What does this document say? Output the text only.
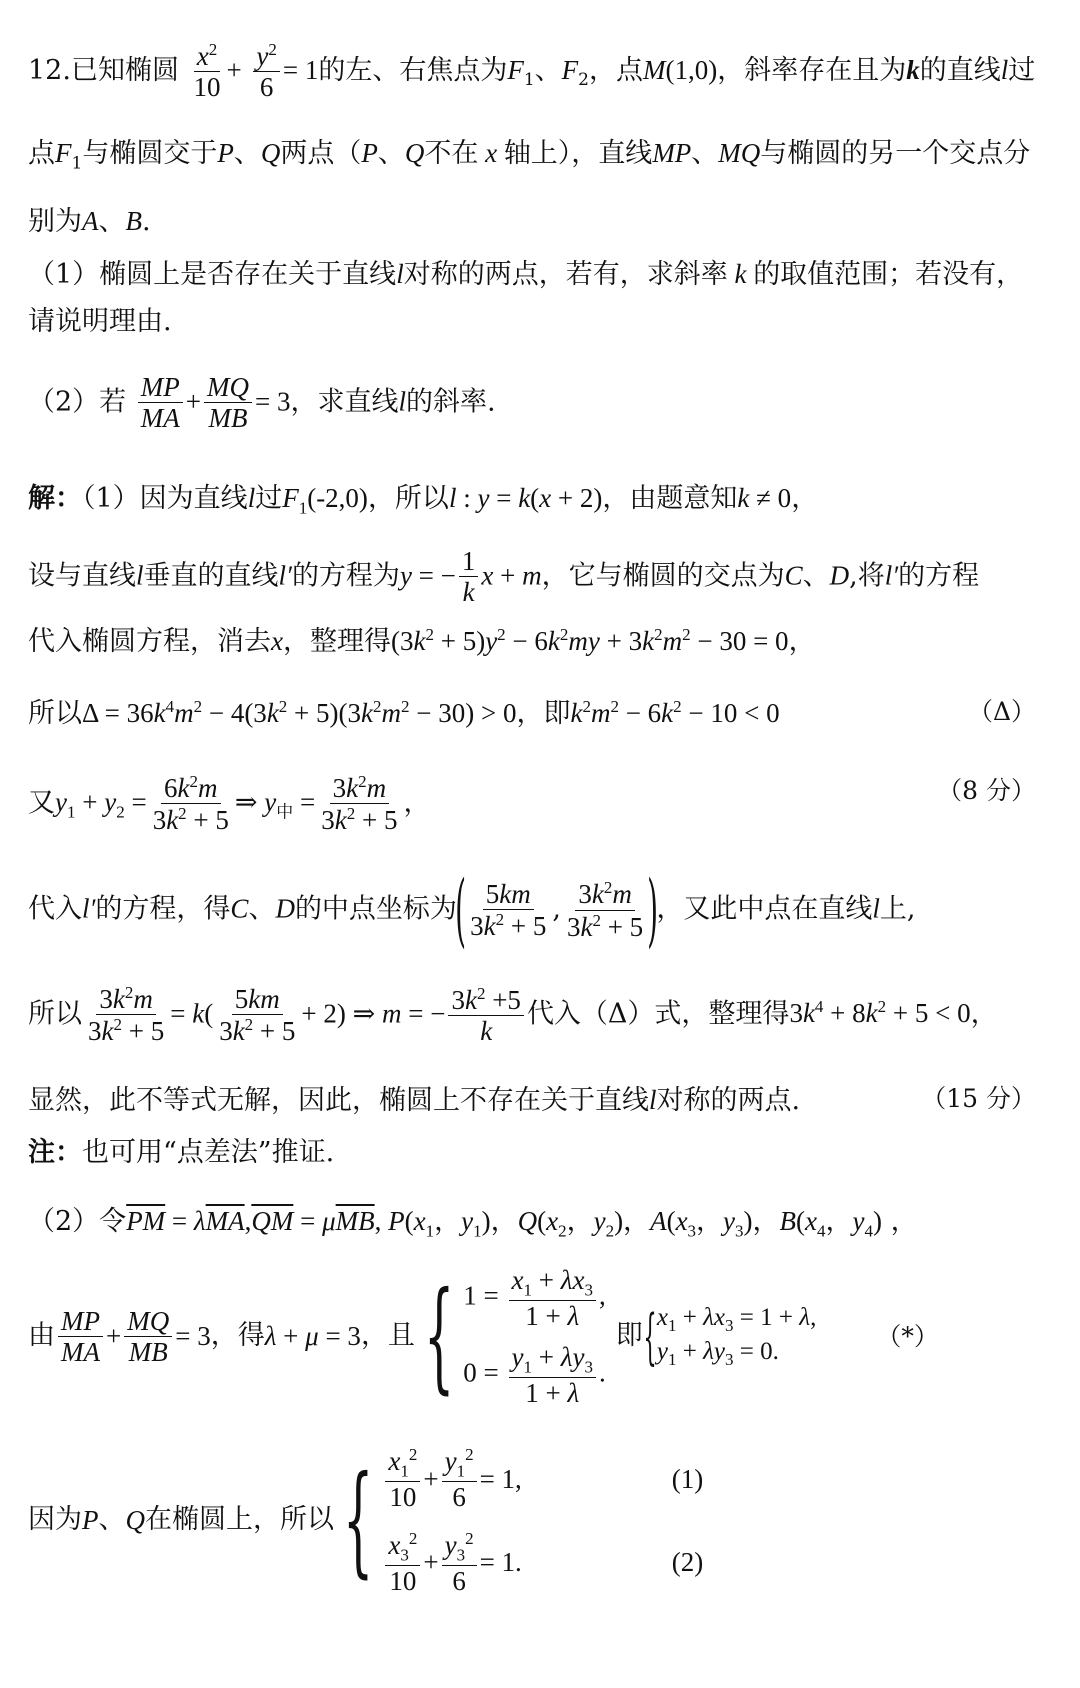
12.已知椭圆 $\frac{x^2}{10} + \frac{y^2}{6} = 1$的左、右焦点为$F_1$、$F_2$，点M(1,0)，斜率存在且为k的直线l过
点$F_1$与椭圆交于P、Q两点（P、Q不在 x 轴上），直线MP、MQ与椭圆的另一个交点分
别为A、B.
（1）椭圆上是否存在关于直线l对称的两点，若有，求斜率 k 的取值范围；若没有，
请说明理由.
（2）若 $\frac{MP}{MA} + \frac{MQ}{MB} = 3$，求直线l的斜率.
解：（1）因为直线l过$F_1(-2,0)$，所以l : y = k(x + 2)，由题意知k ≠ 0，
设与直线l垂直的直线l′的方程为y = − $\frac{1}{k}$ x + m，它与椭圆的交点为C、D,将l′的方程
代入椭圆方程，消去x，整理得$(3k^2 + 5)y^2 - 6k^2my + 3k^2m^2 - 30 = 0$，
所以$\Delta = 36k^4m^2 - 4(3k^2 + 5)(3k^2m^2 - 30) > 0$，即$k^2m^2 - 6k^2 - 10 < 0$	（Δ）
又$y_1 + y_2 = \frac{6k^2m}{3k^2 + 5}$ ⇒ $y_中 = \frac{3k^2m}{3k^2 + 5}$ ，	（8 分）
代入l′的方程，得C、D的中点坐标为( $\frac{5km}{3k^2 + 5}$ , $\frac{3k^2m}{3k^2 + 5}$ )，又此中点在直线l上,
所以 $\frac{3k^2m}{3k^2 + 5} = k( \frac{5km}{3k^2 + 5} + 2)$ ⇒ m = − $\frac{3k^2 +5}{k}$ 代入（Δ）式，整理得$3k^4 + 8k^2 + 5 < 0$，
显然，此不等式无解，因此，椭圆上不存在关于直线l对称的两点.	（15 分）
注：也可用“点差法”推证.
（2）令$\overline{PM} = \lambda\overline{MA},\overline{QM} = \mu\overline{MB}$, $P(x_1$，$y_1$)，$Q(x_2$，$y_2$)，$A(x_3$，$y_3$)，$B(x_4$，$y_4$) ，
由 MP
MA
+ $\frac{MQ}{MB} = 3$ ，得 λ + μ = 3 ，且 { $1 = \frac{x_1 + \lambda x_3}{1 + \lambda}$ ,
$0 = \frac{y_1 + \lambda y_3}{1 + \lambda}$ .
即 { $x_1 + \lambda x_3 = 1 + \lambda$,
$y_1 + \lambda y_3 = 0$.
（*）
因为 P 、 Q 在椭圆上，所以 { $x_1^2$
10
+
$y_1^2$
6
= 1,	(1)
$x_3^2$
10
+
$y_3^2$
6
= 1.	(2)
